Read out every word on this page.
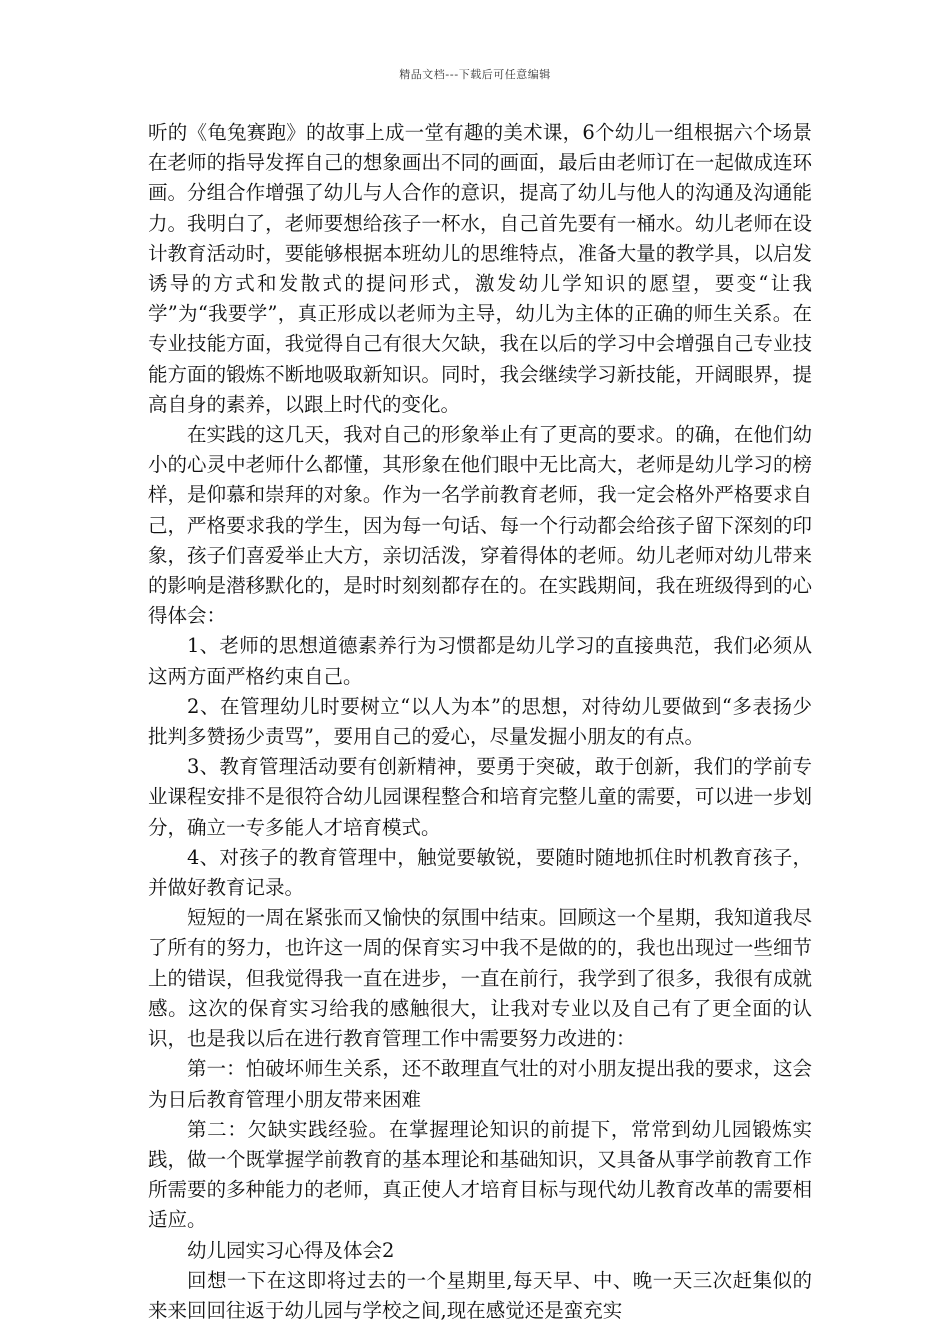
精品文档---下载后可任意编辑

听的《龟兔赛跑》的故事上成一堂有趣的美术课，6个幼儿一组根据六个场景在老师的指导发挥自己的想象画出不同的画面，最后由老师订在一起做成连环画。分组合作增强了幼儿与人合作的意识，提高了幼儿与他人的沟通及沟通能力。我明白了，老师要想给孩子一杯水，自己首先要有一桶水。幼儿老师在设计教育活动时，要能够根据本班幼儿的思维特点，准备大量的教学具，以启发诱导的方式和发散式的提问形式，激发幼儿学知识的愿望，要变“让我学”为“我要学”，真正形成以老师为主导，幼儿为主体的正确的师生关系。在专业技能方面，我觉得自己有很大欠缺，我在以后的学习中会增强自己专业技能方面的锻炼不断地吸取新知识。同时，我会继续学习新技能，开阔眼界，提高自身的素养，以跟上时代的变化。

在实践的这几天，我对自己的形象举止有了更高的要求。的确，在他们幼小的心灵中老师什么都懂，其形象在他们眼中无比高大，老师是幼儿学习的榜样，是仰慕和崇拜的对象。作为一名学前教育老师，我一定会格外严格要求自己，严格要求我的学生，因为每一句话、每一个行动都会给孩子留下深刻的印象，孩子们喜爱举止大方，亲切活泼，穿着得体的老师。幼儿老师对幼儿带来的影响是潜移默化的，是时时刻刻都存在的。在实践期间，我在班级得到的心得体会：

1、老师的思想道德素养行为习惯都是幼儿学习的直接典范，我们必须从这两方面严格约束自己。

2、在管理幼儿时要树立“以人为本”的思想，对待幼儿要做到“多表扬少批判多赞扬少责骂”，要用自己的爱心，尽量发掘小朋友的有点。

3、教育管理活动要有创新精神，要勇于突破，敢于创新，我们的学前专业课程安排不是很符合幼儿园课程整合和培育完整儿童的需要，可以进一步划分，确立一专多能人才培育模式。

4、对孩子的教育管理中，触觉要敏锐，要随时随地抓住时机教育孩子，并做好教育记录。

短短的一周在紧张而又愉快的氛围中结束。回顾这一个星期，我知道我尽了所有的努力，也许这一周的保育实习中我不是做的的，我也出现过一些细节上的错误，但我觉得我一直在进步，一直在前行，我学到了很多，我很有成就感。这次的保育实习给我的感触很大，让我对专业以及自己有了更全面的认识，也是我以后在进行教育管理工作中需要努力改进的：

第一：怕破坏师生关系，还不敢理直气壮的对小朋友提出我的要求，这会为日后教育管理小朋友带来困难

第二：欠缺实践经验。在掌握理论知识的前提下，常常到幼儿园锻炼实践，做一个既掌握学前教育的基本理论和基础知识，又具备从事学前教育工作所需要的多种能力的老师，真正使人才培育目标与现代幼儿教育改革的需要相适应。

幼儿园实习心得及体会2

回想一下在这即将过去的一个星期里,每天早、中、晚一天三次赶集似的来来回回往返于幼儿园与学校之间,现在感觉还是蛮充实
